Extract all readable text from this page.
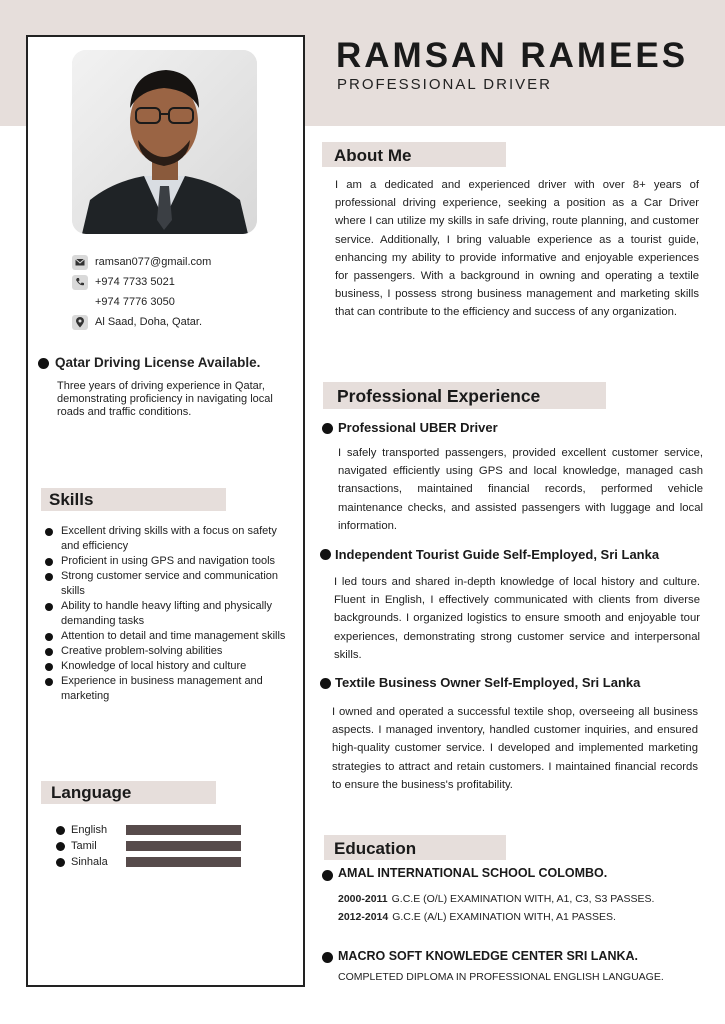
RAMSAN RAMEES
PROFESSIONAL DRIVER
ramsan077@gmail.com
+974 7733 5021
+974 7776 3050
Al Saad, Doha, Qatar.
Qatar Driving License Available.
Three years of driving experience in Qatar, demonstrating proficiency in navigating local roads and traffic conditions.
Skills
Excellent driving skills with a focus on safety and efficiency
Proficient in using GPS and navigation tools
Strong customer service and communication skills
Ability to handle heavy lifting and physically demanding tasks
Attention to detail and time management skills
Creative problem-solving abilities
Knowledge of local history and culture
Experience in business management and marketing
Language
English
Tamil
Sinhala
About Me

I am a dedicated and experienced driver with over 8+ years of professional driving experience, seeking a position as a Car Driver where I can utilize my skills in safe driving, route planning, and customer service. Additionally, I bring valuable experience as a tourist guide, enhancing my ability to provide informative and enjoyable experiences for passengers. With a background in owning and operating a textile business, I possess strong business management and marketing skills that can contribute to the efficiency and success of any organization.

Professional Experience
Professional UBER Driver

I safely transported passengers, provided excellent customer service, navigated efficiently using GPS and local knowledge, managed cash transactions, maintained financial records, performed vehicle maintenance checks, and assisted passengers with luggage and local information.

Independent Tourist Guide Self-Employed, Sri Lanka

I led tours and shared in-depth knowledge of local history and culture. Fluent in English, I effectively communicated with clients from diverse backgrounds. I organized logistics to ensure smooth and enjoyable tour experiences, demonstrating strong customer service and interpersonal skills.

Textile Business Owner Self-Employed, Sri Lanka

I owned and operated a successful textile shop, overseeing all business aspects. I managed inventory, handled customer inquiries, and ensured high-quality customer service. I developed and implemented marketing strategies to attract and retain customers. I maintained financial records to ensure the business's profitability.

Education
AMAL INTERNATIONAL SCHOOL COLOMBO.
2000-2011 G.C.E (O/L) EXAMINATION WITH, A1, C3, S3 PASSES.
2012-2014 G.C.E (A/L) EXAMINATION WITH, A1 PASSES.
MACRO SOFT KNOWLEDGE CENTER SRI LANKA.
COMPLETED DIPLOMA IN PROFESSIONAL ENGLISH LANGUAGE.
